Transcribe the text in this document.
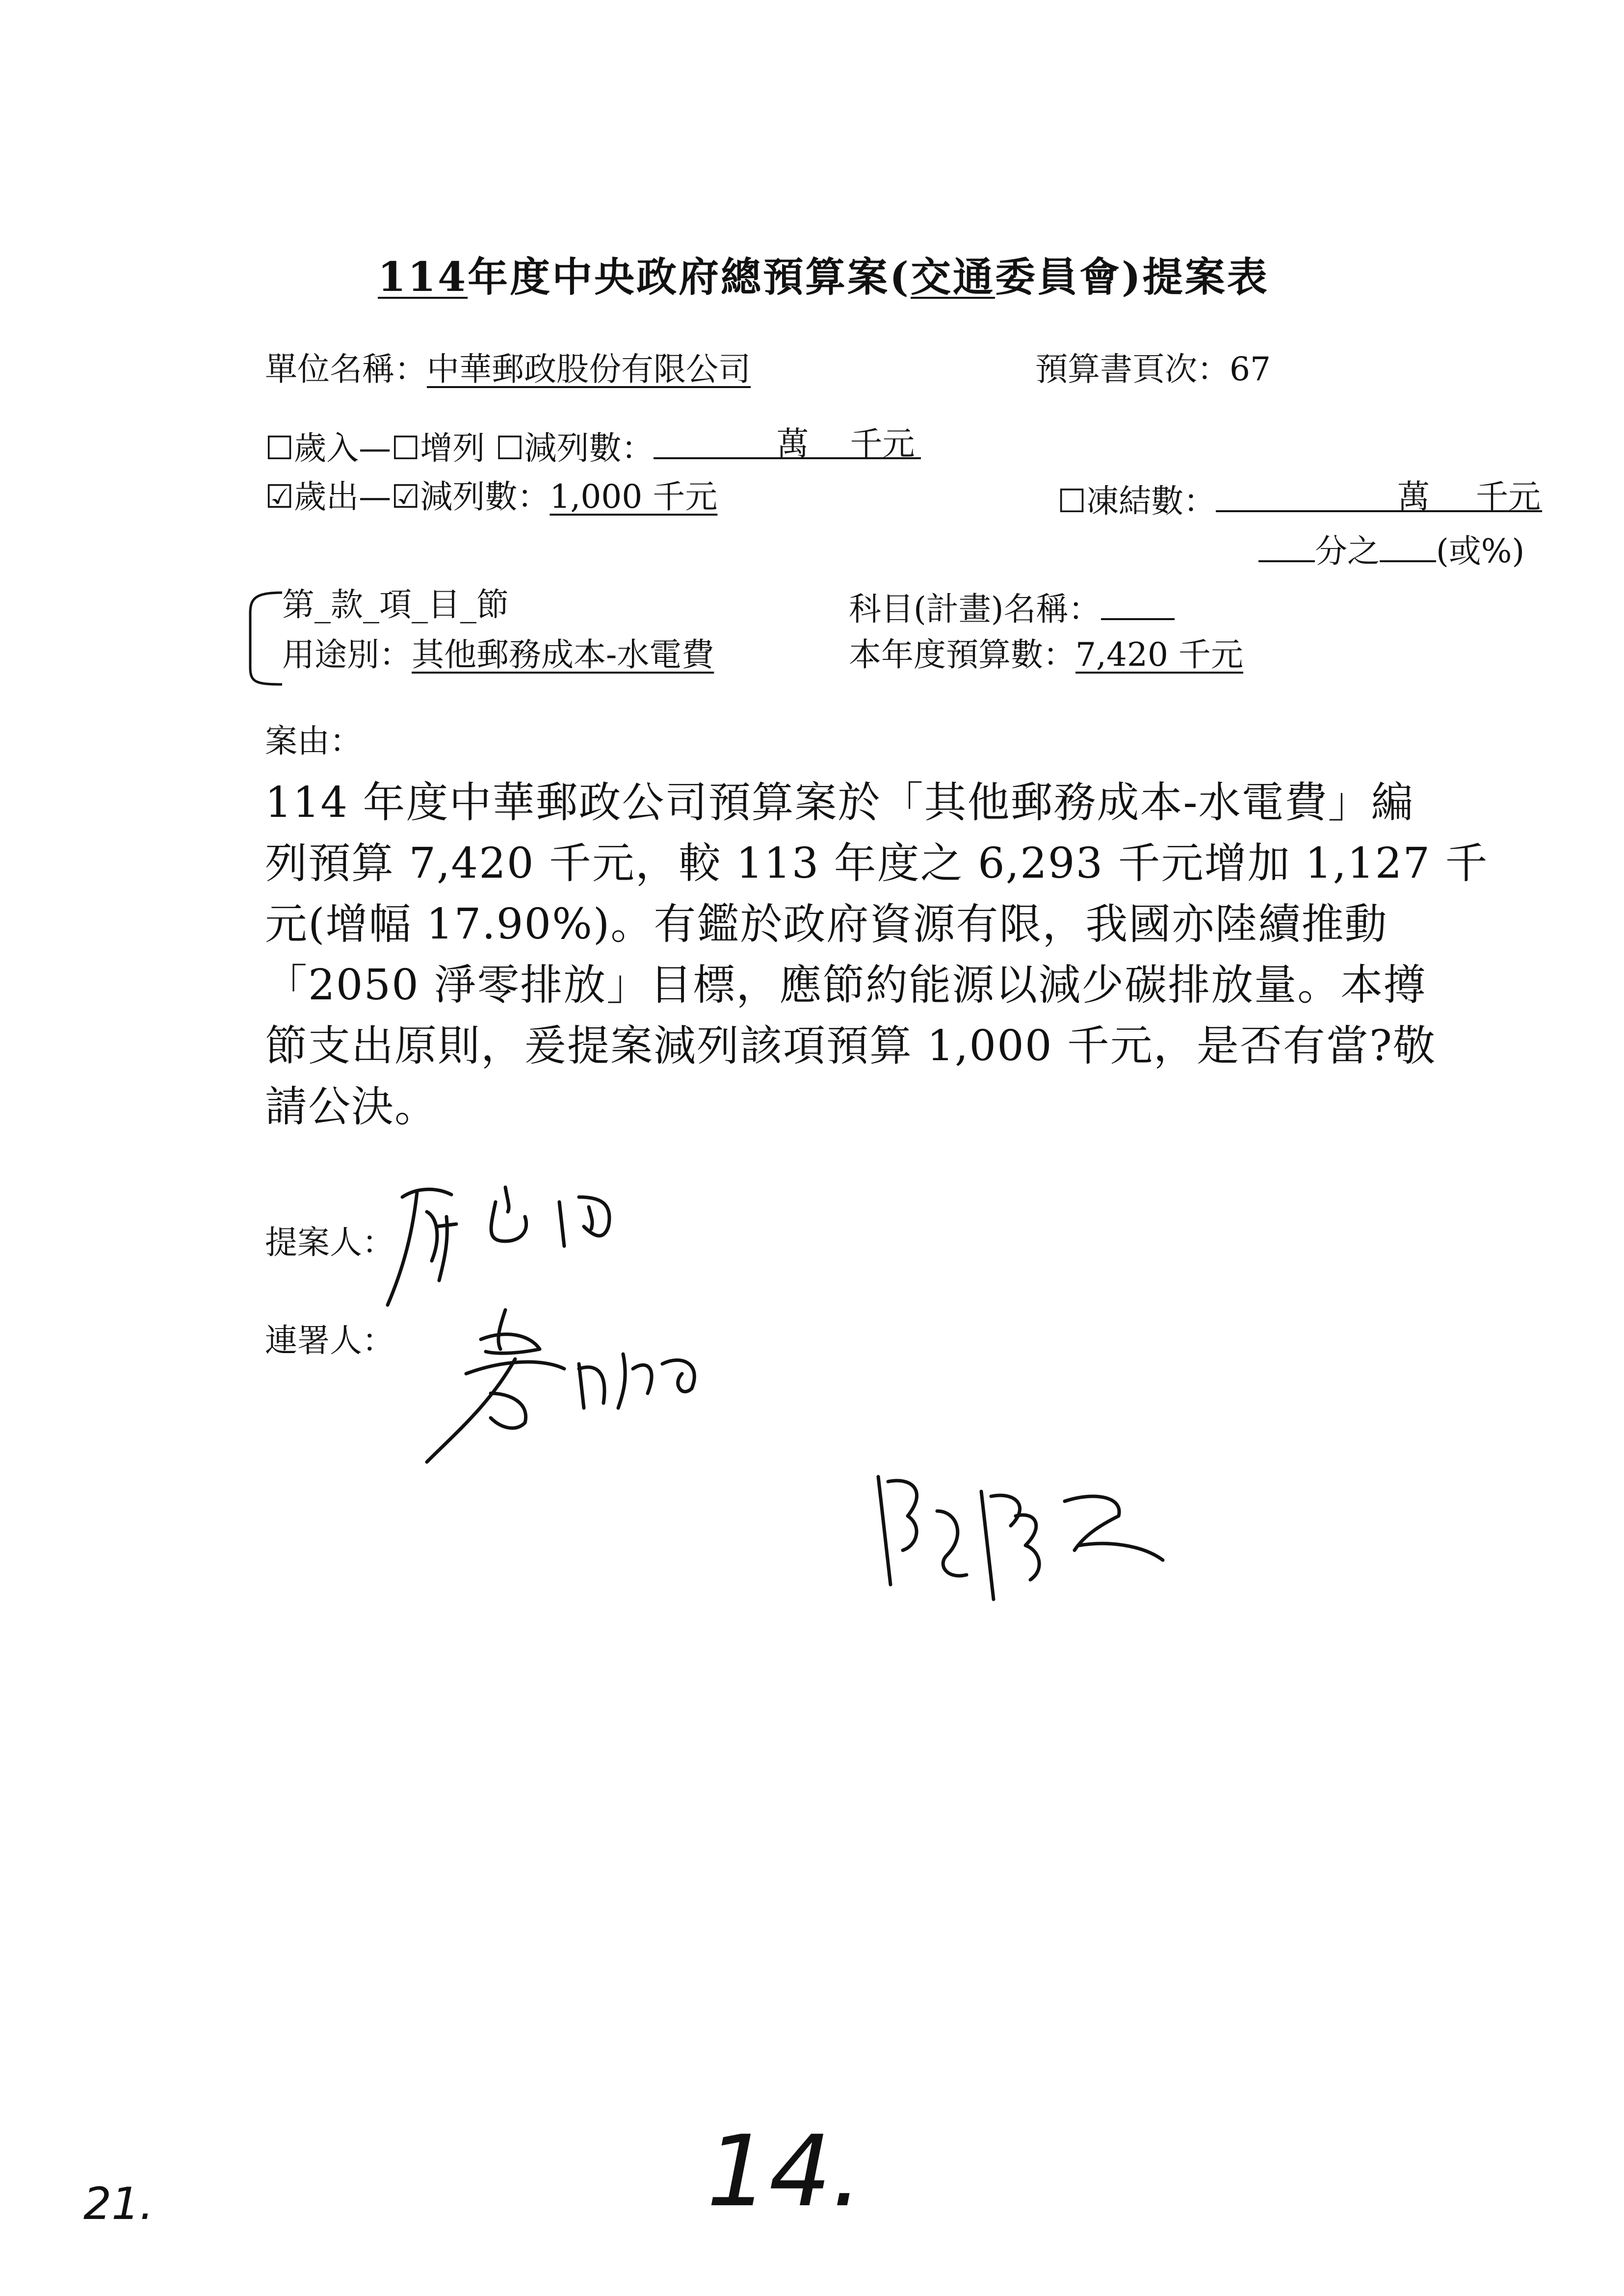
114年度中央政府總預算案(交通委員會)提案表
單位名稱：中華郵政股份有限公司	預算書頁次：67
☐歲入—☐增列 ☐減列數：	萬 千元
☑歲出—☑減列數：1,000 千元	☐凍結數：	萬 千元
分之 (或%)
第_款_項_目_節	科目(計畫)名稱：
用途別：其他郵務成本-水電費	本年度預算數：7,420 千元
案由：
114 年度中華郵政公司預算案於「其他郵務成本-水電費」編
列預算 7,420 千元，較 113 年度之 6,293 千元增加 1,127 千
元(增幅 17.90%)。有鑑於政府資源有限，我國亦陸續推動
「2050 淨零排放」目標，應節約能源以減少碳排放量。本撙
節支出原則，爰提案減列該項預算 1,000 千元，是否有當?敬
請公決。
提案人：
連署人：
21.	14.
